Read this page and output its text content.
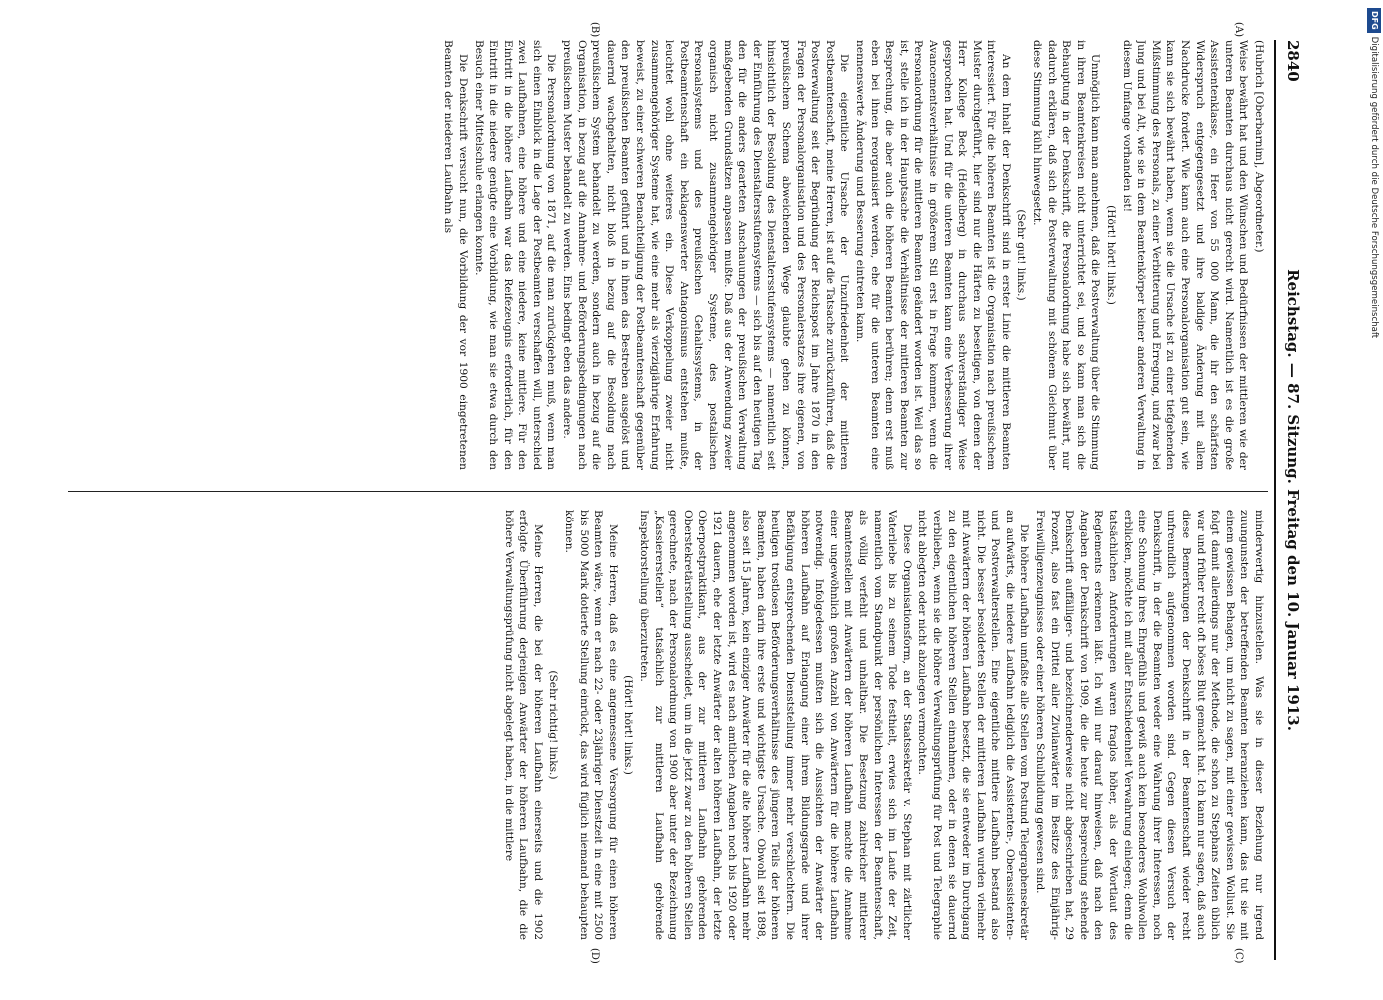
2840
Reichstag. — 87. Sitzung. Freitag den 10. Januar 1913.
(A)
(B)
(C)
(D)

(Hubrich [Oberbarnim], Abgeordneter.)

Weise bewährt hat und den Wünschen und Bedürfnissen der mittleren wie der unteren Beamten durchaus nicht gerecht wird. Namentlich ist es die große Assistentenklasse, ein Heer von 55 000 Mann, die ihr den schärfsten Widerspruch entgegengesetzt und ihre baldige Änderung mit allem Nachdrucke fordert. Wie kann auch eine Personalorganisation gut sein, wie kann sie sich bewährt haben, wenn sie die Ursache ist zu einer tiefgehenden Mißstimmung des Personals, zu einer Verbitterung und Erregung, und zwar bei Jung und bei Alt, wie sie in dem Beamtenkörper keiner anderen Verwaltung in diesem Umfange vorhanden ist!

(Hört! hört! links.)

Unmöglich kann man annehmen, daß die Postverwaltung über die Stimmung in ihren Beamtenkreisen nicht unterrichtet sei, und so kann man sich die Behauptung in der Denkschrift, die Personalordnung habe sich bewährt, nur dadurch erklären, daß sich die Postverwaltung mit schönem Gleichmut über diese Stimmung kühl hinwegsetzt.

(Sehr gut! links.)

An dem Inhalt der Denkschrift sind in erster Linie die mittleren Beamten interessiert. Für die höheren Beamten ist die Organisation nach preußischem Muster durchgeführt, hier sind nur die Härten zu beseitigen, von denen der Herr Kollege Beck (Heidelberg) in durchaus sachverständiger Weise gesprochen hat. Und für die unteren Beamten kann eine Verbesserung ihrer Avancementsverhältnisse in größerem Stil erst in Frage kommen, wenn die Personalordnung für die mittleren Beamten geändert worden ist. Weil das so ist, stelle ich in der Hauptsache die Verhältnisse der mittleren Beamten zur Besprechung, die aber auch die höheren Beamten berühren; denn erst muß eben bei ihnen reorganisiert werden, ehe für die unteren Beamten eine nennenswerte Änderung und Besserung eintreten kann.

Die eigentliche Ursache der Unzufriedenheit der mittleren Postbeamtenschaft, meine Herren, ist auf die Tatsache zurückzuführen, daß die Postverwaltung seit der Begründung der Reichspost im Jahre 1870 in den Fragen der Personalorganisation und des Personalersatzes ihre eigenen, von preußischem Schema abweichenden Wege glaubte gehen zu können, hinsichtlich der Besoldung des Dienstaltersstufensystems — namentlich seit der Einführung des Dienstaltersstufensystems — sich bis auf den heutigen Tag den für die anders gearteten Anschauungen der preußischen Verwaltung maßgebenden Grundsätzen anpassen mußte. Daß aus der Anwendung zweier organisch nicht zusammengehöriger Systeme, des postalischen Personalsystems und des preußischen Gehaltssystems, in der Postbeamtenschaft ein beklagenswerter Antagonismus entstehen mußte, leuchtet wohl ohne weiteres ein. Diese Verkoppelung zweier nicht zusammengehöriger Systeme hat, wie eine mehr als vierzigjährige Erfahrung beweist, zu einer schweren Benachteiligung der Postbeamtenschaft gegenüber den preußischen Beamten geführt und in ihnen das Bestreben ausgelöst und dauernd wachgehalten, nicht bloß in bezug auf die Besoldung nach preußischem System behandelt zu werden, sondern auch in bezug auf die Organisation, in bezug auf die Annahme- und Beförderungsbedingungen nach preußischem Muster behandelt zu werden. Eins bedingt eben das andere.

Die Personalordnung von 1871, auf die man zurückgehen muß, wenn man sich einen Einblick in die Lage der Postbeamten verschaffen will, unterschied zwei Laufbahnen, eine höhere und eine niedere, keine mittlere. Für den Eintritt in die höhere Laufbahn war das Reifezeugnis erforderlich, für den Eintritt in die niedere genügte eine Vorbildung, wie man sie etwa durch den Besuch einer Mittelschule erlangen konnte.

Die Denkschrift versucht nun, die Vorbildung der vor 1900 eingetretenen Beamten der niederen Laufbahn als

minderwertig hinzustellen. Was sie in dieser Beziehung nur irgend zuungunsten der betreffenden Beamten heranziehen kann, das tut sie mit einem gewissen Behagen, um nicht zu sagen, mit einer gewissen Wollust. Sie folgt damit allerdings nur der Methode, die schon zu Stephans Zeiten üblich war und früher recht oft böses Blut gemacht hat. Ich kann nur sagen, daß auch diese Bemerkungen der Denkschrift in der Beamtenschaft wieder recht unfreundlich aufgenommen worden sind. Gegen diesen Versuch der Denkschrift, in der die Beamten weder eine Wahrung ihrer Interessen, noch eine Schonung ihres Ehrgefühls und gewiß auch kein besonderes Wohlwollen erblicken, möchte ich mit aller Entschiedenheit Verwahrung einlegen; denn die tatsächlichen Anforderungen waren fraglos höher, als der Wortlaut des Reglements erkennen läßt. Ich will nur darauf hinweisen, daß nach den Angaben der Denkschrift von 1909, die die heute zur Besprechung stehende Denkschrift auffälliger- und bezeichnenderweise nicht abgeschrieben hat, 29 Prozent, also fast ein Drittel aller Zivilanwärter im Besitze des Einjährig-Freiwilligenzeugnisses oder einer höheren Schulbildung gewesen sind.

Die höhere Laufbahn umfaßte alle Stellen vom Postund Telegraphensekretär an aufwärts, die niedere Laufbahn lediglich die Assistenten-, Oberassistenten- und Postverwalterstellen. Eine eigentliche mittlere Laufbahn bestand also nicht. Die besser besoldeten Stellen der mittleren Laufbahn wurden vielmehr mit Anwärtern der höheren Laufbahn besetzt, die sie entweder im Durchgang zu den eigentlichen höheren Stellen einnahmen, oder in denen sie dauernd verblieben, wenn sie die höhere Verwaltungsprüfung für Post und Telegraphie nicht ablegten oder nicht abzulegen vermochten.

Diese Organisationsform, an der Staatssekretär v. Stephan mit zärtlicher Vaterliebe bis zu seinem Tode festhielt, erwies sich im Laufe der Zeit, namentlich vom Standpunkt der persönlichen Interessen der Beamtenschaft, als völlig verfehlt und unhaltbar. Die Besetzung zahlreicher mittlerer Beamtenstellen mit Anwärtern der höheren Laufbahn machte die Annahme einer ungewöhnlich großen Anzahl von Anwärtern für die höhere Laufbahn notwendig. Infolgedessen mußten sich die Aussichten der Anwärter der höheren Laufbahn auf Erlangung einer ihrem Bildungsgrade und ihrer Befähigung entsprechenden Dienststellung immer mehr verschlechtern. Die heutigen trostlosen Beförderungsverhältnisse des jüngeren Teils der höheren Beamten, haben darin ihre erste und wichtigste Ursache. Obwohl seit 1898, also seit 15 Jahren, kein einziger Anwärter für die alte höhere Laufbahn mehr angenommen worden ist, wird es nach amtlichen Angaben noch bis 1920 oder 1921 dauern, ehe der letzte Anwärter der alten höheren Laufbahn, der letzte Oberpostpraktikant, aus der zur mittleren Laufbahn gehörenden Oberstekretärstellung ausscheidet, um in die jetzt zwar zu den höheren Stellen gerechnete, nach der Personalordnung von 1900 aber unter der Bezeichnung „Kassiererstellen“ tatsächlich zur mittleren Laufbahn gehörende Inspektorstellung überzutreten.

(Hört! hört! links.)

Meine Herren, daß es eine angemessene Versorgung für einen höheren Beamten wäre, wenn er nach 22- oder 23jähriger Dienstzeit in eine mit 2500 bis 5000 Mark dotierte Stellung einrückt, das wird füglich niemand behaupten können.

(Sehr richtig! links.)

Meine Herren, die bei der höheren Laufbahn einerseits und die 1902 erfolgte Überführung derjenigen Anwärter der höheren Laufbahn, die die höhere Verwaltungsprüfung nicht abgelegt haben, in die mittlere

DFGDigitalisierung gefördert durch die Deutsche Forschungsgemeinschaft
